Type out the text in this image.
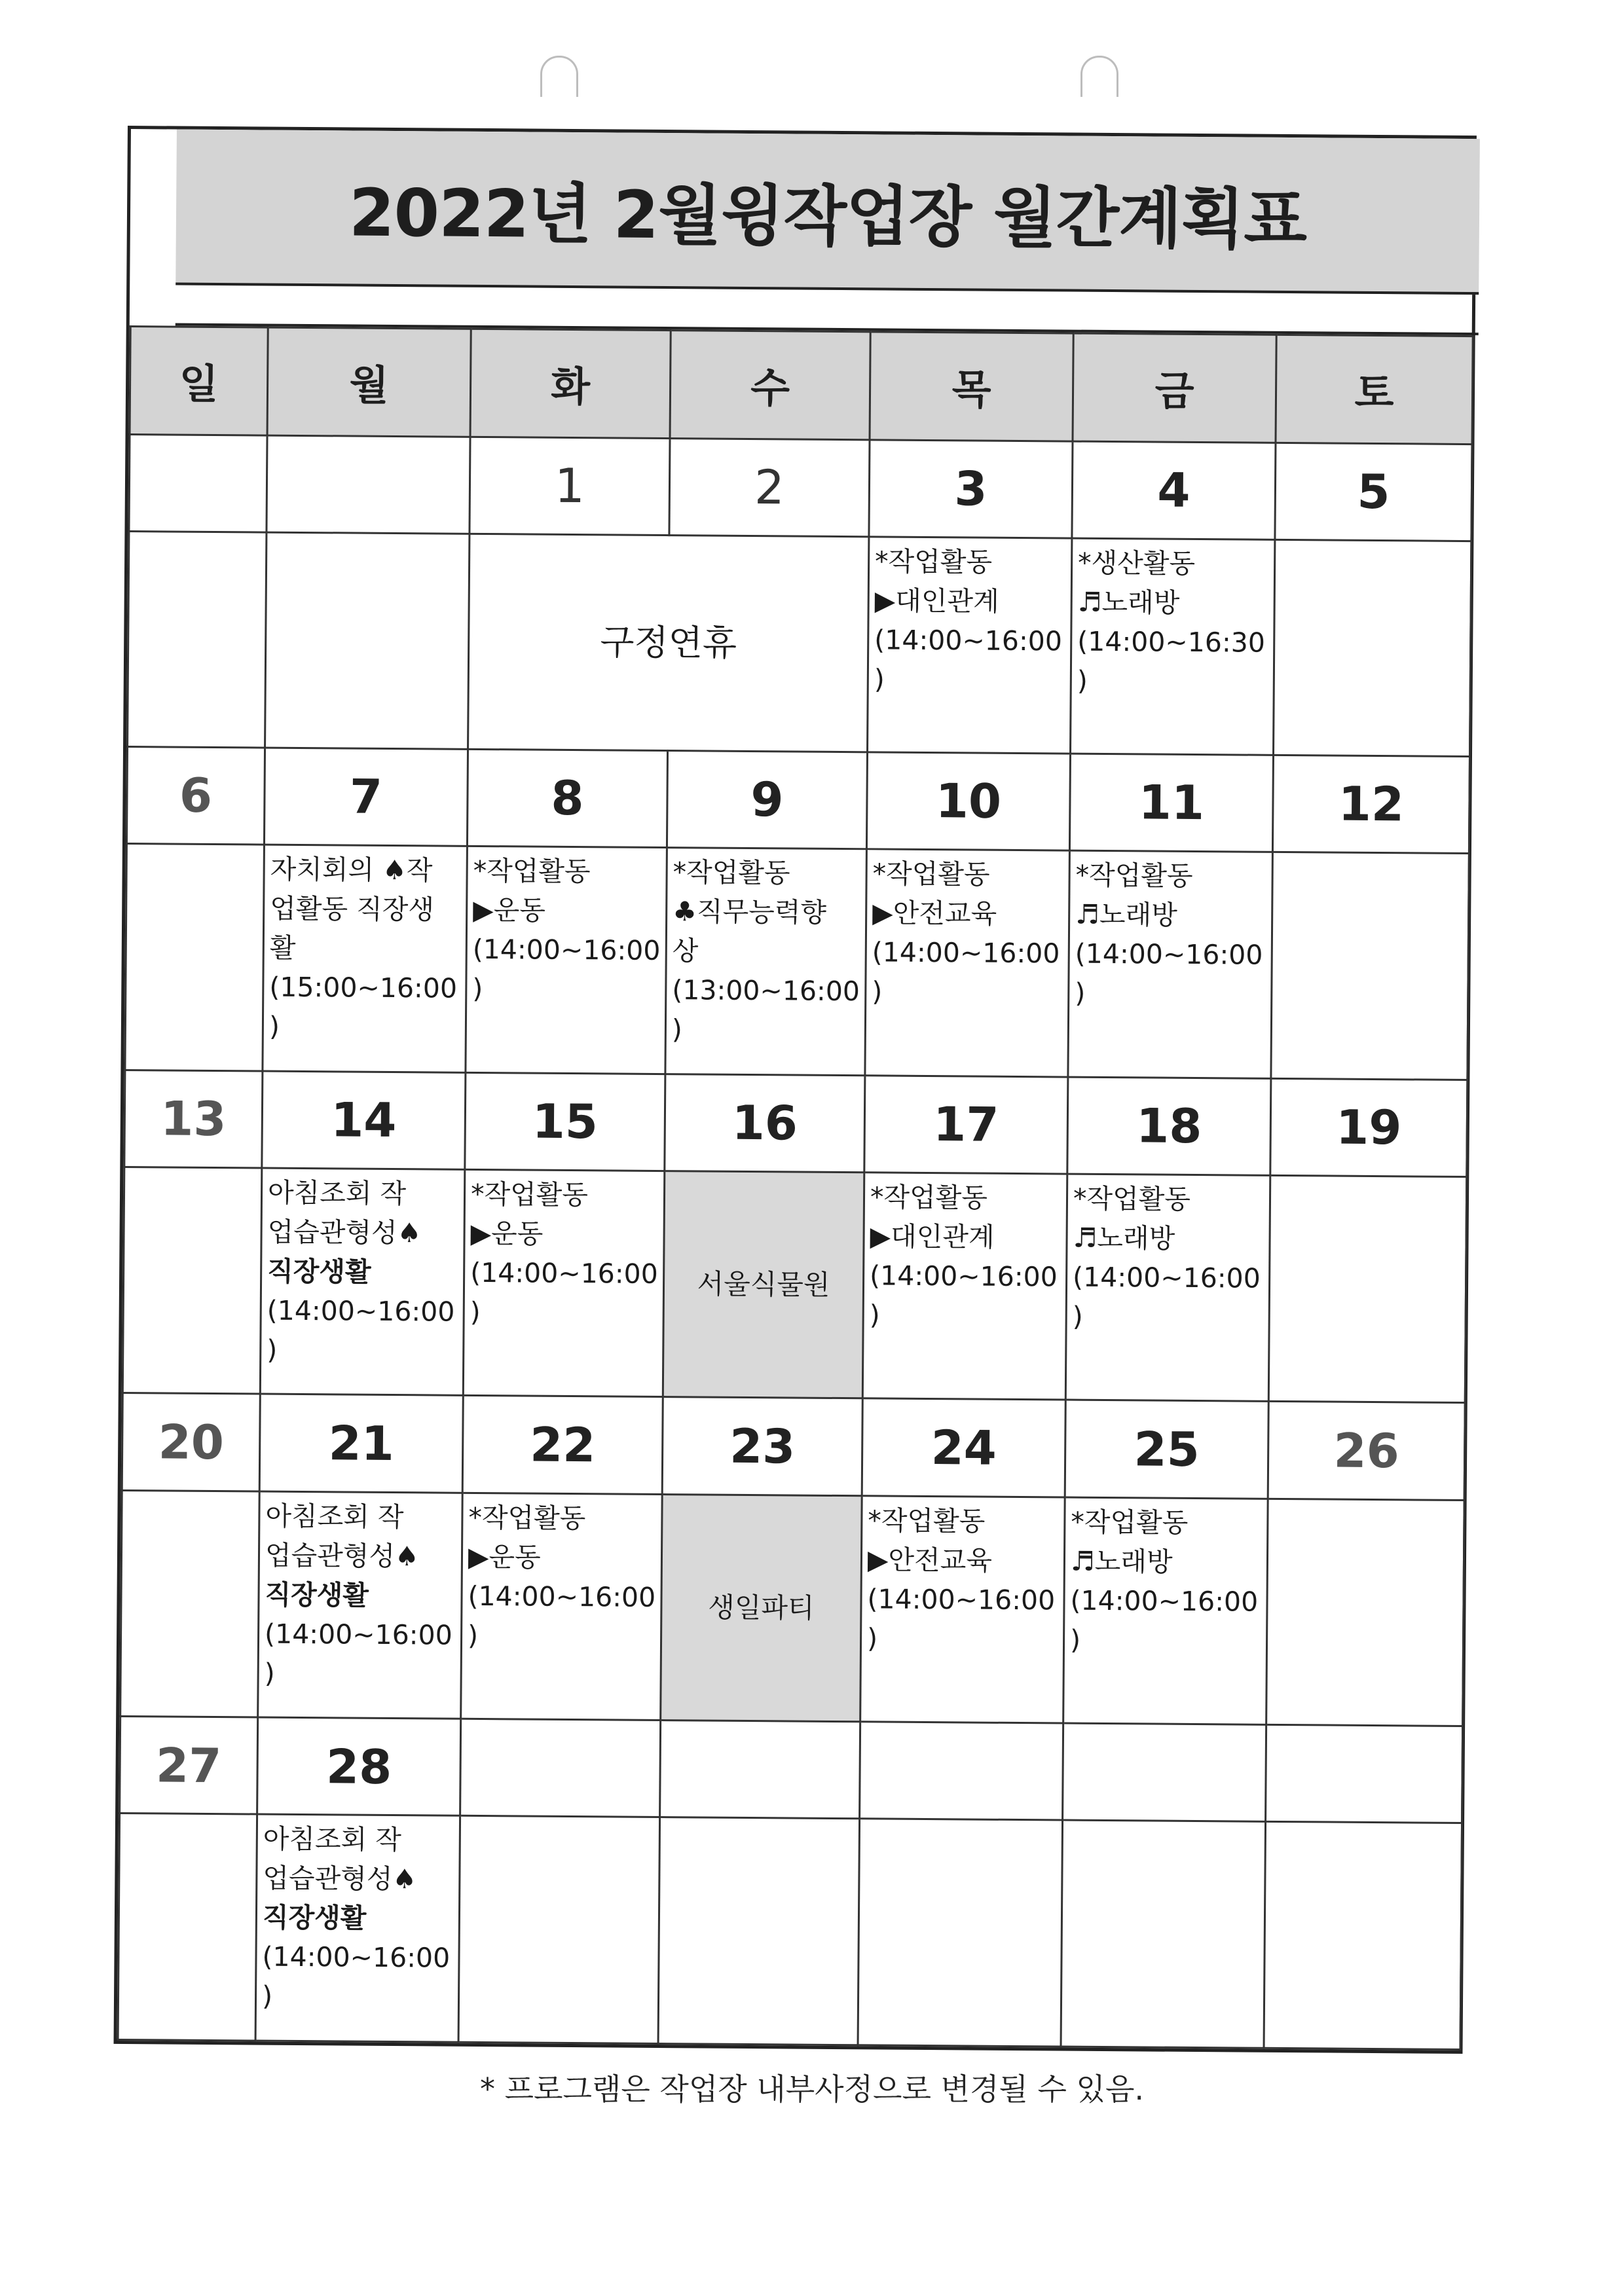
2022년 2월윙작업장 월간계획표
일	월	화	수	목	금	토
		1	2	3	4	5
		구정연휴		*작업활동
▶대인관계
(14:00~16:00
)	*생산활동
♬노래방
(14:00~16:30
)	

6	7	8	9	10	11	12

	자치회의 ♠작
업활동 직장생
활
(15:00~16:00
)	*작업활동
▶운동
(14:00~16:00
)	*작업활동
♣직무능력향
상
(13:00~16:00
)	*작업활동
▶안전교육
(14:00~16:00
)	*작업활동
♬노래방
(14:00~16:00
)	

13	14	15	16	17	18	19

	아침조회 작
업습관형성♠
직장생활
(14:00~16:00
)	*작업활동
▶운동
(14:00~16:00
)	서울식물원	*작업활동
▶대인관계
(14:00~16:00
)	*작업활동
♬노래방
(14:00~16:00
)	

20	21	22	23	24	25	26

	아침조회 작
업습관형성♠
직장생활
(14:00~16:00
)	*작업활동
▶운동
(14:00~16:00
)	생일파티	*작업활동
▶안전교육
(14:00~16:00
)	*작업활동
♬노래방
(14:00~16:00
)	

27	28					

	아침조회 작
업습관형성♠
직장생활
(14:00~16:00
)					

* 프로그램은 작업장 내부사정으로 변경될 수 있음.
